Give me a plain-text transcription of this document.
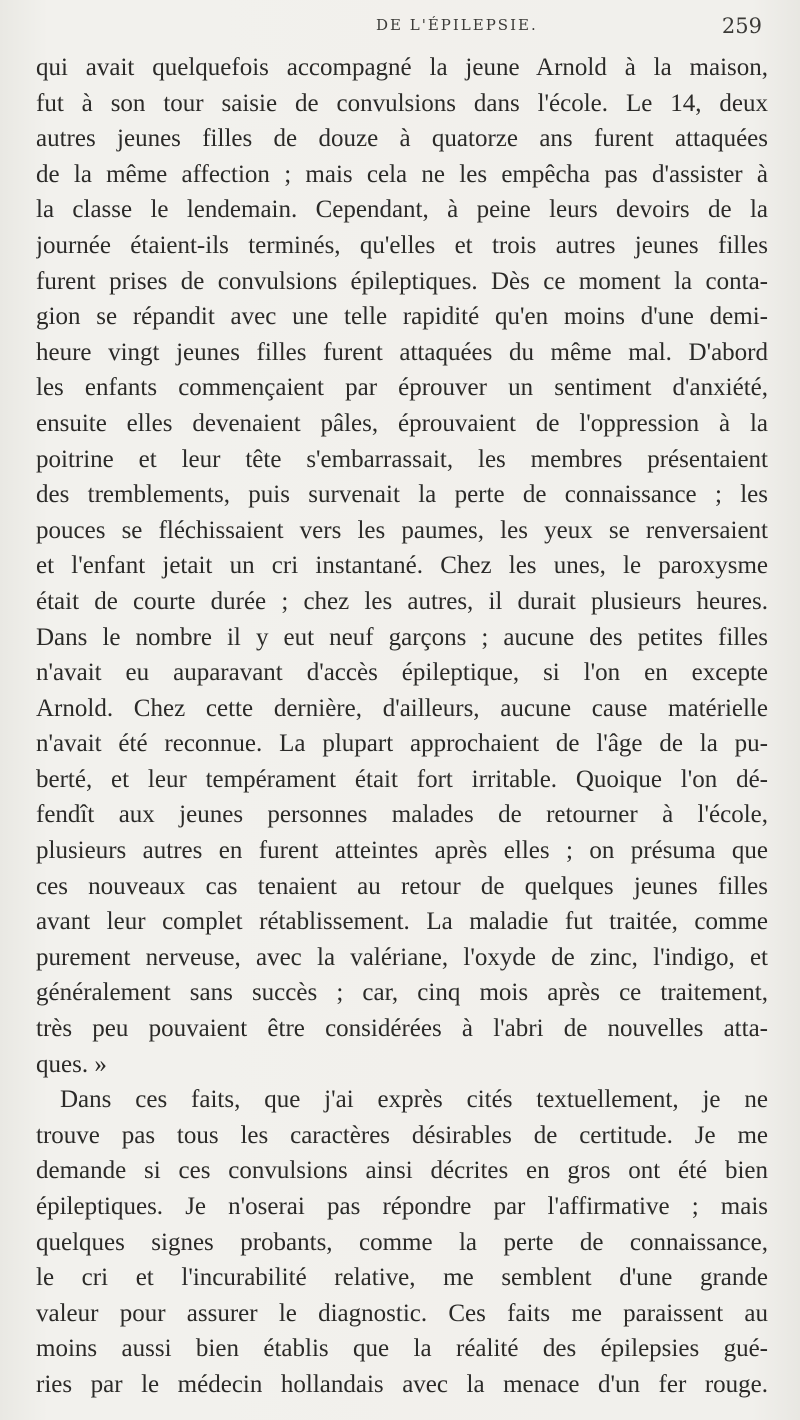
DE L'ÉPILEPSIE.	259
qui avait quelquefois accompagné la jeune Arnold à la maison,
fut à son tour saisie de convulsions dans l'école. Le 14, deux
autres jeunes filles de douze à quatorze ans furent attaquées
de la même affection ; mais cela ne les empêcha pas d'assister à
la classe le lendemain. Cependant, à peine leurs devoirs de la
journée étaient-ils terminés, qu'elles et trois autres jeunes filles
furent prises de convulsions épileptiques. Dès ce moment la conta-
gion se répandit avec une telle rapidité qu'en moins d'une demi-
heure vingt jeunes filles furent attaquées du même mal. D'abord
les enfants commençaient par éprouver un sentiment d'anxiété,
ensuite elles devenaient pâles, éprouvaient de l'oppression à la
poitrine et leur tête s'embarrassait, les membres présentaient
des tremblements, puis survenait la perte de connaissance ; les
pouces se fléchissaient vers les paumes, les yeux se renversaient
et l'enfant jetait un cri instantané. Chez les unes, le paroxysme
était de courte durée ; chez les autres, il durait plusieurs heures.
Dans le nombre il y eut neuf garçons ; aucune des petites filles
n'avait eu auparavant d'accès épileptique, si l'on en excepte
Arnold. Chez cette dernière, d'ailleurs, aucune cause matérielle
n'avait été reconnue. La plupart approchaient de l'âge de la pu-
berté, et leur tempérament était fort irritable. Quoique l'on dé-
fendît aux jeunes personnes malades de retourner à l'école,
plusieurs autres en furent atteintes après elles ; on présuma que
ces nouveaux cas tenaient au retour de quelques jeunes filles
avant leur complet rétablissement. La maladie fut traitée, comme
purement nerveuse, avec la valériane, l'oxyde de zinc, l'indigo, et
généralement sans succès ; car, cinq mois après ce traitement,
très peu pouvaient être considérées à l'abri de nouvelles atta-
ques. »
Dans ces faits, que j'ai exprès cités textuellement, je ne
trouve pas tous les caractères désirables de certitude. Je me
demande si ces convulsions ainsi décrites en gros ont été bien
épileptiques. Je n'oserai pas répondre par l'affirmative ; mais
quelques signes probants, comme la perte de connaissance,
le cri et l'incurabilité relative, me semblent d'une grande
valeur pour assurer le diagnostic. Ces faits me paraissent au
moins aussi bien établis que la réalité des épilepsies gué-
ries par le médecin hollandais avec la menace d'un fer rouge.
